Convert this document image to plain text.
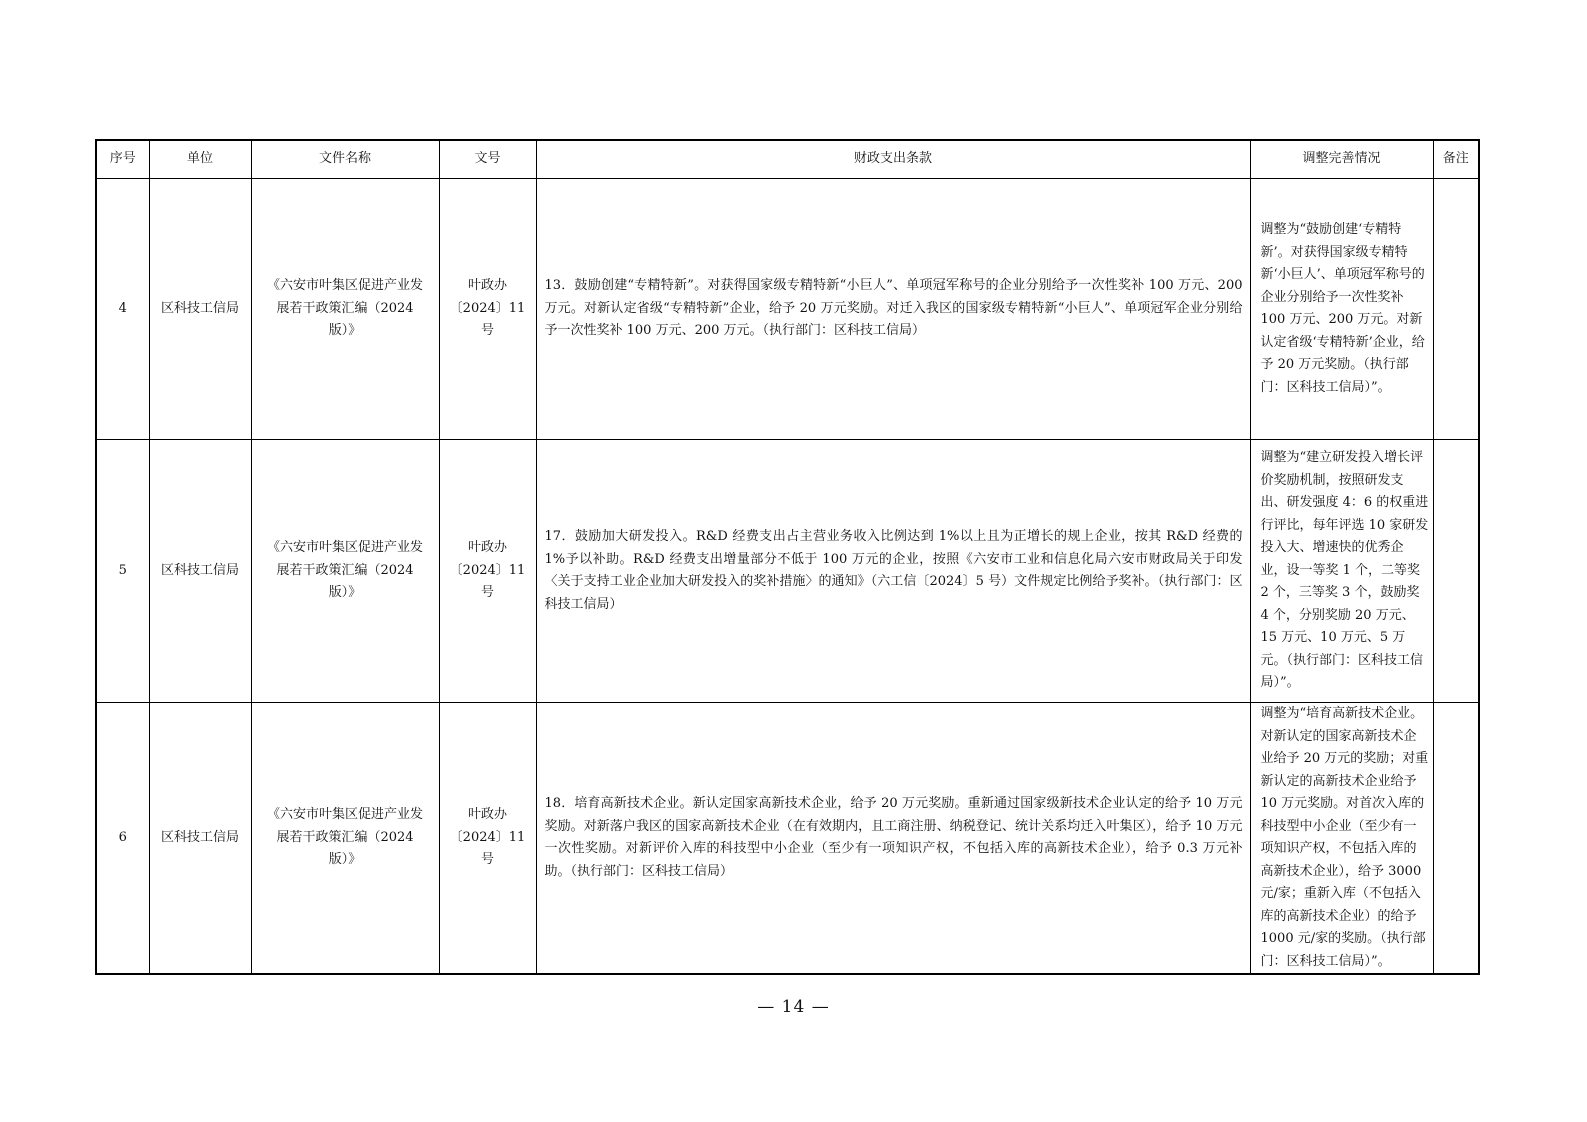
序号	单位	文件名称	文号	财政支出条款	调整完善情况	备注
4	区科技工信局	《六安市叶集区促进产业发展若干政策汇编（2024 版）》	叶政办〔2024〕11 号	13．鼓励创建“专精特新”。对获得国家级专精特新“小巨人”、单项冠军称号的企业分别给予一次性奖补 100 万元、200 万元。对新认定省级“专精特新”企业，给予 20 万元奖励。对迁入我区的国家级专精特新“小巨人”、单项冠军企业分别给予一次性奖补 100 万元、200 万元。（执行部门：区科技工信局）	调整为“鼓励创建‘专精特新’。对获得国家级专精特新‘小巨人’、单项冠军称号的企业分别给予一次性奖补 100 万元、200 万元。对新认定省级‘专精特新’企业，给予 20 万元奖励。（执行部门：区科技工信局）”。	
5	区科技工信局	《六安市叶集区促进产业发展若干政策汇编（2024 版）》	叶政办〔2024〕11 号	17．鼓励加大研发投入。R&D 经费支出占主营业务收入比例达到 1%以上且为正增长的规上企业，按其 R&D 经费的 1%予以补助。R&D 经费支出增量部分不低于 100 万元的企业，按照《六安市工业和信息化局六安市财政局关于印发〈关于支持工业企业加大研发投入的奖补措施〉的通知》（六工信〔2024〕5 号）文件规定比例给予奖补。（执行部门：区科技工信局）	调整为“建立研发投入增长评价奖励机制，按照研发支出、研发强度 4：6 的权重进行评比，每年评选 10 家研发投入大、增速快的优秀企业，设一等奖 1 个，二等奖 2 个，三等奖 3 个，鼓励奖 4 个，分别奖励 20 万元、15 万元、10 万元、5 万元。（执行部门：区科技工信局）”。	
6	区科技工信局	《六安市叶集区促进产业发展若干政策汇编（2024 版）》	叶政办〔2024〕11 号	18．培育高新技术企业。新认定国家高新技术企业，给予 20 万元奖励。重新通过国家级新技术企业认定的给予 10 万元奖励。对新落户我区的国家高新技术企业（在有效期内，且工商注册、纳税登记、统计关系均迁入叶集区），给予 10 万元一次性奖励。对新评价入库的科技型中小企业（至少有一项知识产权，不包括入库的高新技术企业），给予 0.3 万元补助。（执行部门：区科技工信局）	调整为“培育高新技术企业。对新认定的国家高新技术企业给予 20 万元的奖励；对重新认定的高新技术企业给予 10 万元奖励。对首次入库的科技型中小企业（至少有一项知识产权，不包括入库的高新技术企业），给予 3000 元/家；重新入库（不包括入库的高新技术企业）的给予 1000 元/家的奖励。（执行部门：区科技工信局）”。	
— 14 —
